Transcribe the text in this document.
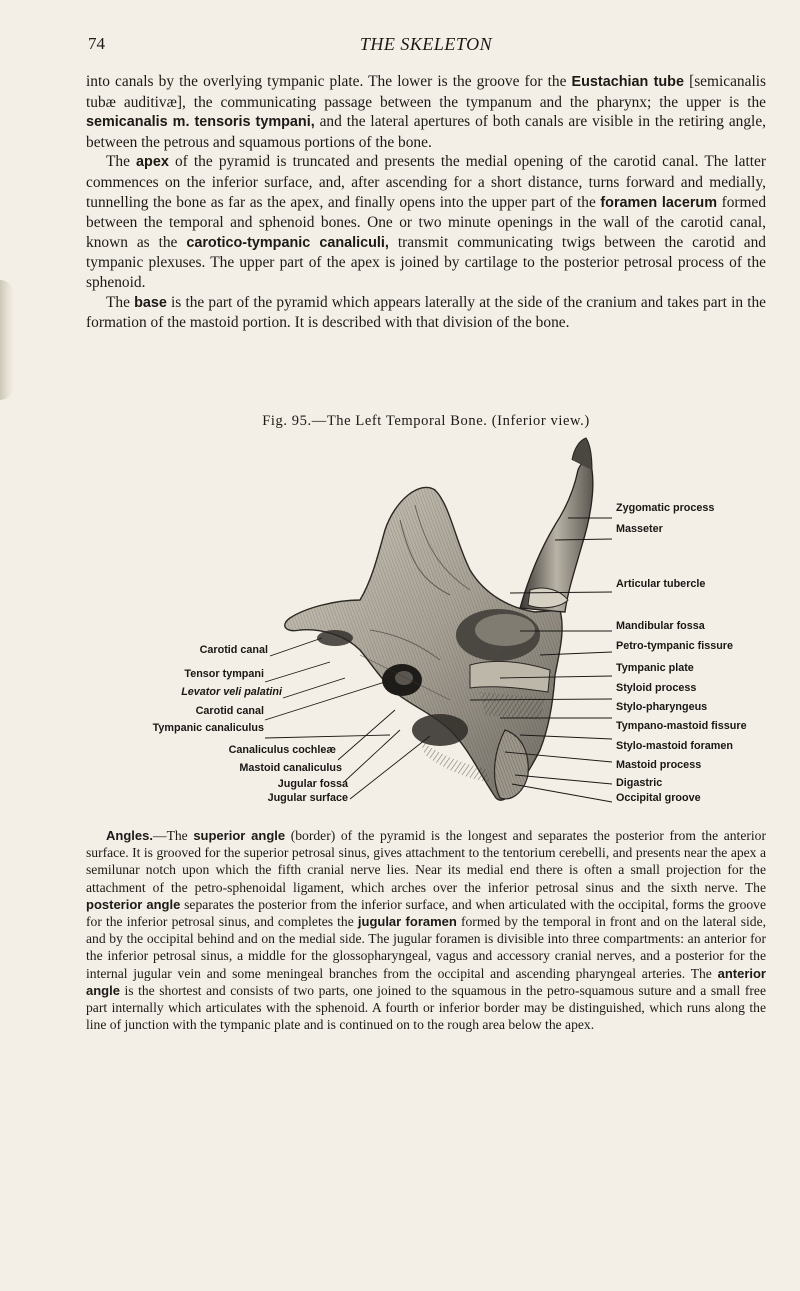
74	THE SKELETON

into canals by the overlying tympanic plate. The lower is the groove for the Eustachian tube [semicanalis tubæ auditivæ], the communicating passage between the tympanum and the pharynx; the upper is the semicanalis m. tensoris tympani, and the lateral apertures of both canals are visible in the retiring angle, between the petrous and squamous portions of the bone.

The apex of the pyramid is truncated and presents the medial opening of the carotid canal. The latter commences on the inferior surface, and, after ascending for a short distance, turns forward and medially, tunnelling the bone as far as the apex, and finally opens into the upper part of the foramen lacerum formed between the temporal and sphenoid bones. One or two minute openings in the wall of the carotid canal, known as the carotico-tympanic canaliculi, transmit communicating twigs between the carotid and tympanic plexuses. The upper part of the apex is joined by cartilage to the posterior petrosal process of the sphenoid.

The base is the part of the pyramid which appears laterally at the side of the cranium and takes part in the formation of the mastoid portion. It is described with that division of the bone.

Fig. 95.—The Left Temporal Bone. (Inferior view.)
Zygomatic process
Masseter
Articular tubercle
Mandibular fossa
Petro-tympanic fissure
Tympanic plate
Styloid process
Stylo-pharyngeus
Tympano-mastoid fissure
Stylo-mastoid foramen
Mastoid process
Digastric
Occipital groove
Carotid canal
Tensor tympani
Levator veli palatini
Carotid canal
Tympanic canaliculus
Canaliculus cochleæ
Mastoid canaliculus
Jugular fossa
Jugular surface

Angles.—The superior angle (border) of the pyramid is the longest and separates the posterior from the anterior surface. It is grooved for the superior petrosal sinus, gives attachment to the tentorium cerebelli, and presents near the apex a semilunar notch upon which the fifth cranial nerve lies. Near its medial end there is often a small projection for the attachment of the petro-sphenoidal ligament, which arches over the inferior petrosal sinus and the sixth nerve. The posterior angle separates the posterior from the inferior surface, and when articulated with the occipital, forms the groove for the inferior petrosal sinus, and completes the jugular foramen formed by the temporal in front and on the lateral side, and by the occipital behind and on the medial side. The jugular foramen is divisible into three compartments: an anterior for the inferior petrosal sinus, a middle for the glossopharyngeal, vagus and accessory cranial nerves, and a posterior for the internal jugular vein and some meningeal branches from the occipital and ascending pharyngeal arteries. The anterior angle is the shortest and consists of two parts, one joined to the squamous in the petro-squamous suture and a small free part internally which articulates with the sphenoid. A fourth or inferior border may be distinguished, which runs along the line of junction with the tympanic plate and is continued on to the rough area below the apex.
